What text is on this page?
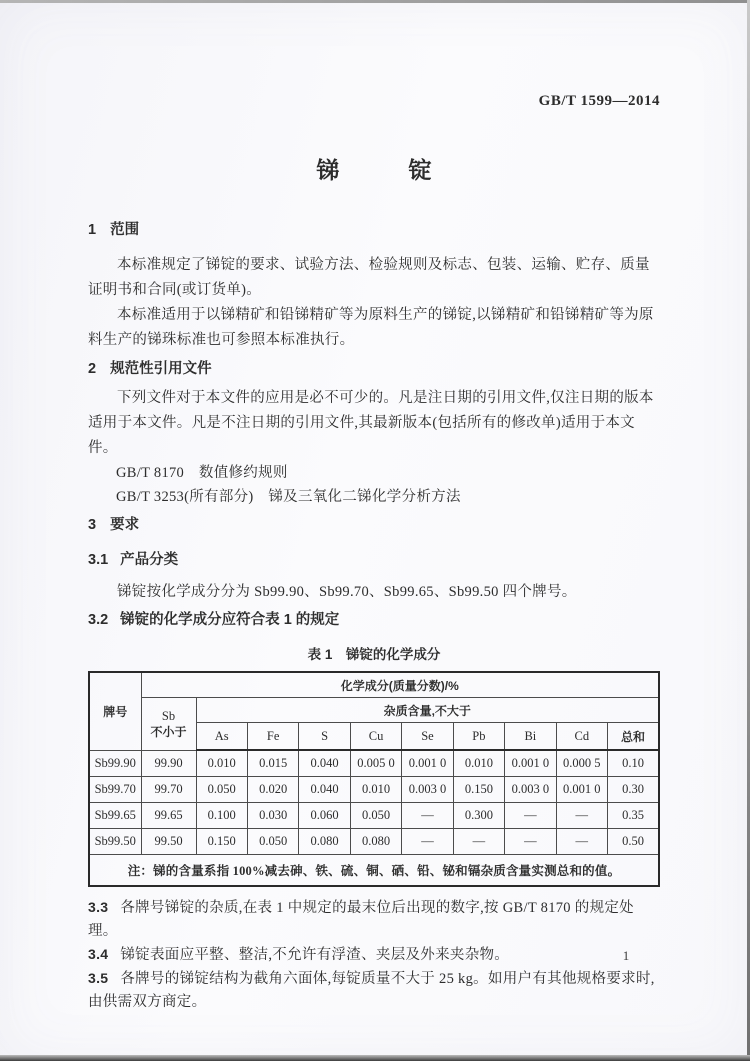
GB/T 1599—2014
锑　　　锭
1 范围

本标准规定了锑锭的要求、试验方法、检验规则及标志、包装、运输、贮存、质量证明书和合同(或订货单)。

本标准适用于以锑精矿和铅锑精矿等为原料生产的锑锭,以锑精矿和铅锑精矿等为原料生产的锑珠标准也可参照本标准执行。

2 规范性引用文件

下列文件对于本文件的应用是必不可少的。凡是注日期的引用文件,仅注日期的版本适用于本文件。凡是不注日期的引用文件,其最新版本(包括所有的修改单)适用于本文件。

GB/T 8170　数值修约规则

GB/T 3253(所有部分)　锑及三氧化二锑化学分析方法

3 要求
3.1 产品分类

锑锭按化学成分分为 Sb99.90、Sb99.70、Sb99.65、Sb99.50 四个牌号。

3.2 锑锭的化学成分应符合表 1 的规定
表 1　锑锭的化学成分
牌号	化学成分(质量分数)/%									

	Sb
不小于	杂质含量,不大于								
		As	Fe	S	Cu	Se	Pb	Bi	Cd	总和
Sb99.90	99.90	0.010	0.015	0.040	0.005 0	0.001 0	0.010	0.001 0	0.000 5	0.10
Sb99.70	99.70	0.050	0.020	0.040	0.010	0.003 0	0.150	0.003 0	0.001 0	0.30
Sb99.65	99.65	0.100	0.030	0.060	0.050	—	0.300	—	—	0.35
Sb99.50	99.50	0.150	0.050	0.080	0.080	—	—	—	—	0.50
注：锑的含量系指 100%减去砷、铁、硫、铜、硒、铅、铋和镉杂质含量实测总和的值。										

3.3 各牌号锑锭的杂质,在表 1 中规定的最末位后出现的数字,按 GB/T 8170 的规定处理。

3.4 锑锭表面应平整、整洁,不允许有浮渣、夹层及外来夹杂物。

3.5 各牌号的锑锭结构为截角六面体,每锭质量不大于 25 kg。如用户有其他规格要求时,由供需双方商定。

1
